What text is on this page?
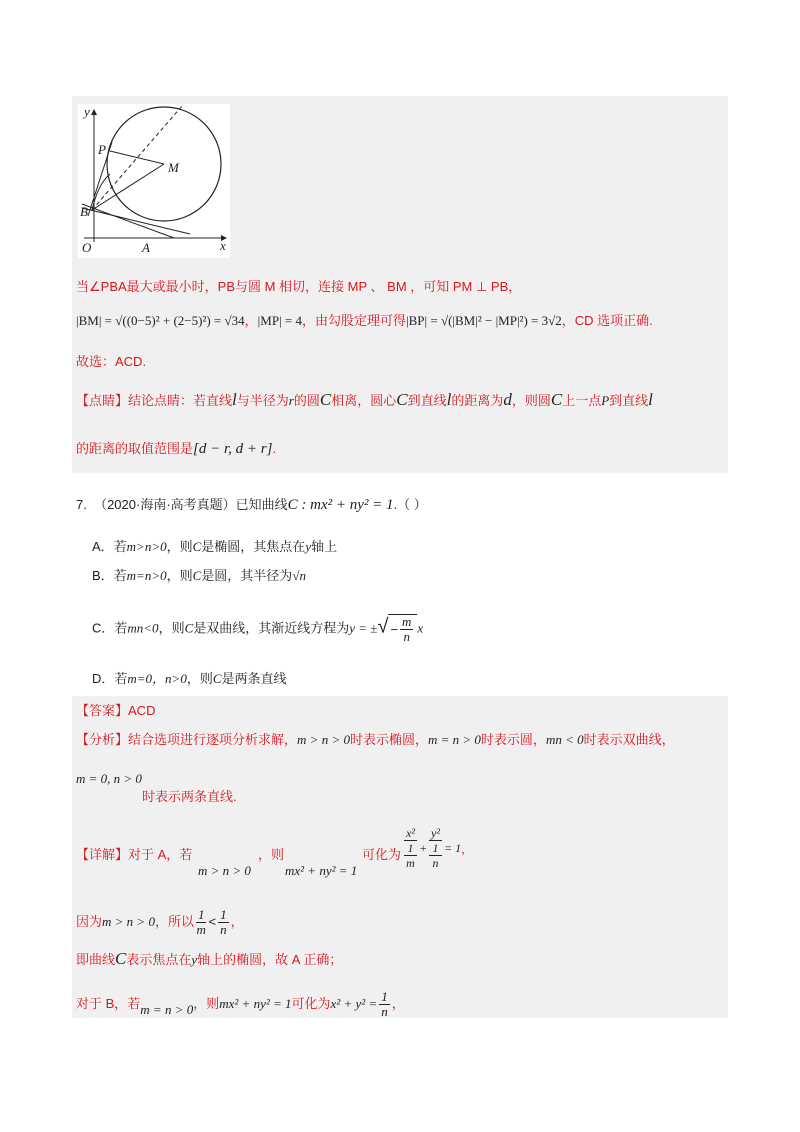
y
x
O
P
M
B
A
当∠PBA最大或最小时，PB与圆 M 相切，连接 MP 、 BM ，可知 PM ⊥ PB，
|BM| = √((0−5)² + (2−5)²) = √34，|MP| = 4，由勾股定理可得|BP| = √(|BM|² − |MP|²) = 3√2，CD 选项正确.
故选：ACD.
【点睛】结论点睛：若直线l与半径为r的圆C相离，圆心C到直线l的距离为d，则圆C上一点P到直线l
的距离的取值范围是[d − r, d + r].
7. （2020·海南·高考真题）已知曲线C : mx² + ny² = 1.（ ）
A．若m>n>0，则C是椭圆，其焦点在y轴上
B．若m=n>0，则C是圆，其半径为√n
C．若mn<0，则C是双曲线，其渐近线方程为y = ±√ − $\frac{m}{n}$ x
D．若m=0，n>0，则C是两条直线
【答案】ACD
【分析】结合选项进行逐项分析求解，m > n > 0时表示椭圆，m = n > 0时表示圆，mn < 0时表示双曲线，
m = 0, n > 0
时表示两条直线.
【详解】对于 A，若
m > n > 0
，则
mx² + ny² = 1
可化为 x²
1
m + y²
1
n = 1 ，
因为m > n > 0，所以 $\frac{1}{m} < \frac{1}{n}$ ，
即曲线C表示焦点在y轴上的椭圆，故 A 正确；
对于 B，若m = n > 0，则mx² + ny² = 1可化为$x^2 + y^2 = \frac{1}{n}$ ，
